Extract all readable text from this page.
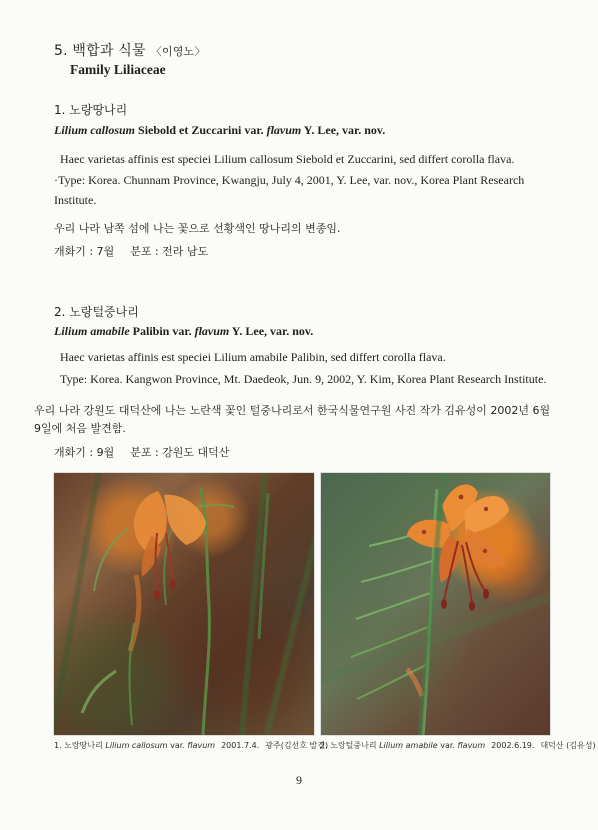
5. 백합과 식물 〈이영노〉
Family Liliaceae
1. 노랑땅나리
Lilium callosum Siebold et Zuccarini var. flavum Y. Lee, var. nov.
Haec varietas affinis est speciei Lilium callosum Siebold et Zuccarini, sed differt corolla flava.
·Type: Korea. Chunnam Province, Kwangju, July 4, 2001, Y. Lee, var. nov., Korea Plant Research Institute.
우리 나라 남쪽 섬에 나는 꽃으로 선황색인 땅나리의 변종임.
개화기 : 7월 분포 : 전라 남도
2. 노랑털중나리
Lilium amabile Palibin var. flavum Y. Lee, var. nov.
Haec varietas affinis est speciei Lilium amabile Palibin, sed differt corolla flava.
Type: Korea. Kangwon Province, Mt. Daedeok, Jun. 9, 2002, Y. Kim, Korea Plant Research Institute.
우리 나라 강원도 대덕산에 나는 노란색 꽃인 털중나리로서 한국식물연구원 사진 작가 김유성이 2002년 6월 9일에 처음 발견함.
개화기 : 9월 분포 : 강원도 대덕산
1. 노랑땅나리 Lilium callosum var. flavum 2001.7.4. 광주(김선호 발견)
2. 노랑털중나리 Lilium amabile var. flavum 2002.6.19. 대덕산 (김유성)
9
